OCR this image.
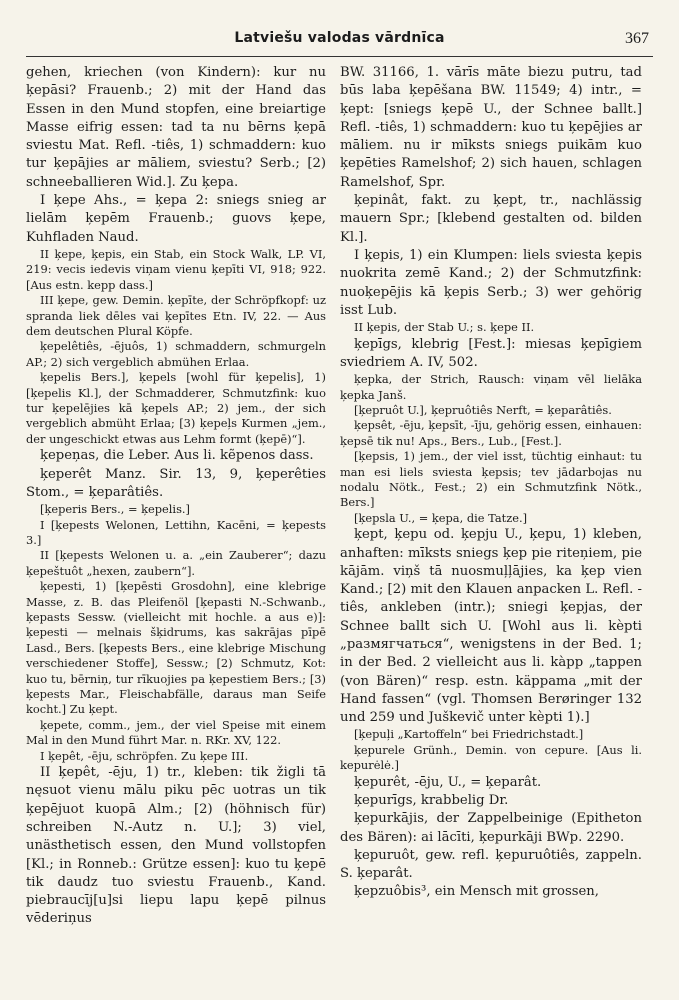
Latviešu valodas vārdnīca	367

gehen, kriechen (von Kindern): kur nu ķepāsi? Frauenb.; 2) mit der Hand das Essen in den Mund stopfen, eine breiartige Masse eifrig essen: tad ta nu bērns ķepā sviestu Mat. Refl. -tiês, 1) schmaddern: kuo tur ķepājies ar māliem, sviestu? Serb.; [2) schneeballieren Wid.]. Zu ķepa.

I ķepe Ahs., = ķepa 2: sniegs snieg ar lielām ķepēm Frauenb.; guovs ķepe, Kuhfladen Naud.

II ķepe, ķepis, ein Stab, ein Stock Walk, LP. VI, 219: vecis iedevis viņam vienu ķepīti VI, 918; 922. [Aus estn. kepp dass.]

III ķepe, gew. Demin. ķepīte, der Schröpfkopf: uz spranda liek dēles vai ķepītes Etn. IV, 22. — Aus dem deutschen Plural Köpfe.

ķepelêtiês, -ējuôs, 1) schmaddern, schmurgeln AP.; 2) sich vergeblich abmühen Erlaa.

ķepelis Bers.], ķepels [wohl für ķepelis], 1) [ķepelis Kl.], der Schmadderer, Schmutzfink: kuo tur ķepelējies kā ķepels AP.; 2) jem., der sich vergeblich abmüht Erlaa; [3) ķepeļs Kurmen „jem., der ungeschickt etwas aus Lehm formt (ķepē)“].

ķepeņas, die Leber. Aus li. kẽpenos dass.

ķeperêt Manz. Sir. 13, 9, ķeperêties Stom., = ķeparâtiês.

[ķeperis Bers., = ķepelis.]

I [ķepests Welonen, Lettihn, Kacēni, = ķepests 3.]

II [ķepests Welonen u. a. „ein Zauberer“; dazu ķepeštuôt „hexen, zaubern“].

ķepesti, 1) [ķepēsti Grosdohn], eine klebrige Masse, z. B. das Pleifenöl [ķepasti N.-Schwanb., ķepasts Sessw. (vielleicht mit hochle. a aus e)]: ķepesti — melnais šķidrums, kas sakrājas pīpē Lasd., Bers. [ķepests Bers., eine klebrige Mischung verschiedener Stoffe], Sessw.; [2) Schmutz, Kot: kuo tu, bērniņ, tur rīkuojies pa ķepestiem Bers.; [3) ķepests Mar., Fleischabfälle, daraus man Seife kocht.] Zu ķept.

ķepete, comm., jem., der viel Speise mit einem Mal in den Mund führt Mar. n. RKr. XV, 122.

I ķepêt, -ēju, schröpfen. Zu ķepe III.

II ķepêt, -ēju, 1) tr., kleben: tik žigli tā nęsuot vienu mālu piku pēc uotras un tik ķepējuot kuopā Alm.; [2) (höhnisch für) schreiben N.-Autz n. U.]; 3) viel, unästhetisch essen, den Mund vollstopfen [Kl.; in Ronneb.: Grütze essen]: kuo tu ķepē tik daudz tuo sviestu Frauenb., Kand. piebraucīj[u]si liepu lapu ķepē pilnus vēderiņus

BW. 31166, 1. vārīs māte biezu putru, tad būs laba ķepēšana BW. 11549; 4) intr., = ķept: [sniegs ķepē U., der Schnee ballt.] Refl. -tiês, 1) schmaddern: kuo tu ķepējies ar māliem. nu ir mīksts sniegs puikām kuo ķepēties Ramelshof; 2) sich hauen, schlagen Ramelshof, Spr.

ķepinât, fakt. zu ķept, tr., nachlässig mauern Spr.; [klebend gestalten od. bilden Kl.].

I ķepis, 1) ein Klumpen: liels sviesta ķepis nuokrita zemē Kand.; 2) der Schmutzfink: nuoķepējis kā ķepis Serb.; 3) wer gehörig isst Lub.

II ķepis, der Stab U.; s. ķepe II.

ķepīgs, klebrig [Fest.]: miesas ķepīgiem sviedriem A. IV, 502.

ķepka, der Strich, Rausch: viņam vēl lielāka ķepka Janš.

[ķepruôt U.], ķepruôtiês Nerft, = ķeparâtiês.

ķepsêt, -ēju, ķepsīt, -īju, gehörig essen, einhauen: ķepsē tik nu! Aps., Bers., Lub., [Fest.].

[ķepsis, 1) jem., der viel isst, tüchtig einhaut: tu man esi liels sviesta ķepsis; tev jādarbojas nu nodalu Nötk., Fest.; 2) ein Schmutzfink Nötk., Bers.]

[ķepsla U., = ķepa, die Tatze.]

ķept, ķepu od. ķepju U., ķepu, 1) kleben, anhaften: mīksts sniegs ķep pie riteņiem, pie kājām. viņš tā nuosmuļļājies, ka ķep vien Kand.; [2) mit den Klauen anpacken L. Refl. -tiês, ankleben (intr.); sniegi ķepjas, der Schnee ballt sich U. [Wohl aus li. kèpti „размягчаться“, wenigstens in der Bed. 1; in der Bed. 2 vielleicht aus li. kàpp „tappen (von Bären)“ resp. estn. käppama „mit der Hand fassen“ (vgl. Thomsen Berøringer 132 und 259 und Juškevič unter kèpti 1).]

[ķepuļi „Kartoffeln“ bei Friedrichstadt.]

ķepurele Grünh., Demin. von cepure. [Aus li. kepurėlė.]

ķepurêt, -ēju, U., = ķeparât.

ķepurīgs, krabbelig Dr.

ķepurkājis, der Zappelbeinige (Epitheton des Bären): ai lācīti, ķepurkāji BWp. 2290.

ķepuruôt, gew. refl. ķepuruôtiês, zappeln. S. ķeparât.

ķepzuôbis³, ein Mensch mit grossen,
